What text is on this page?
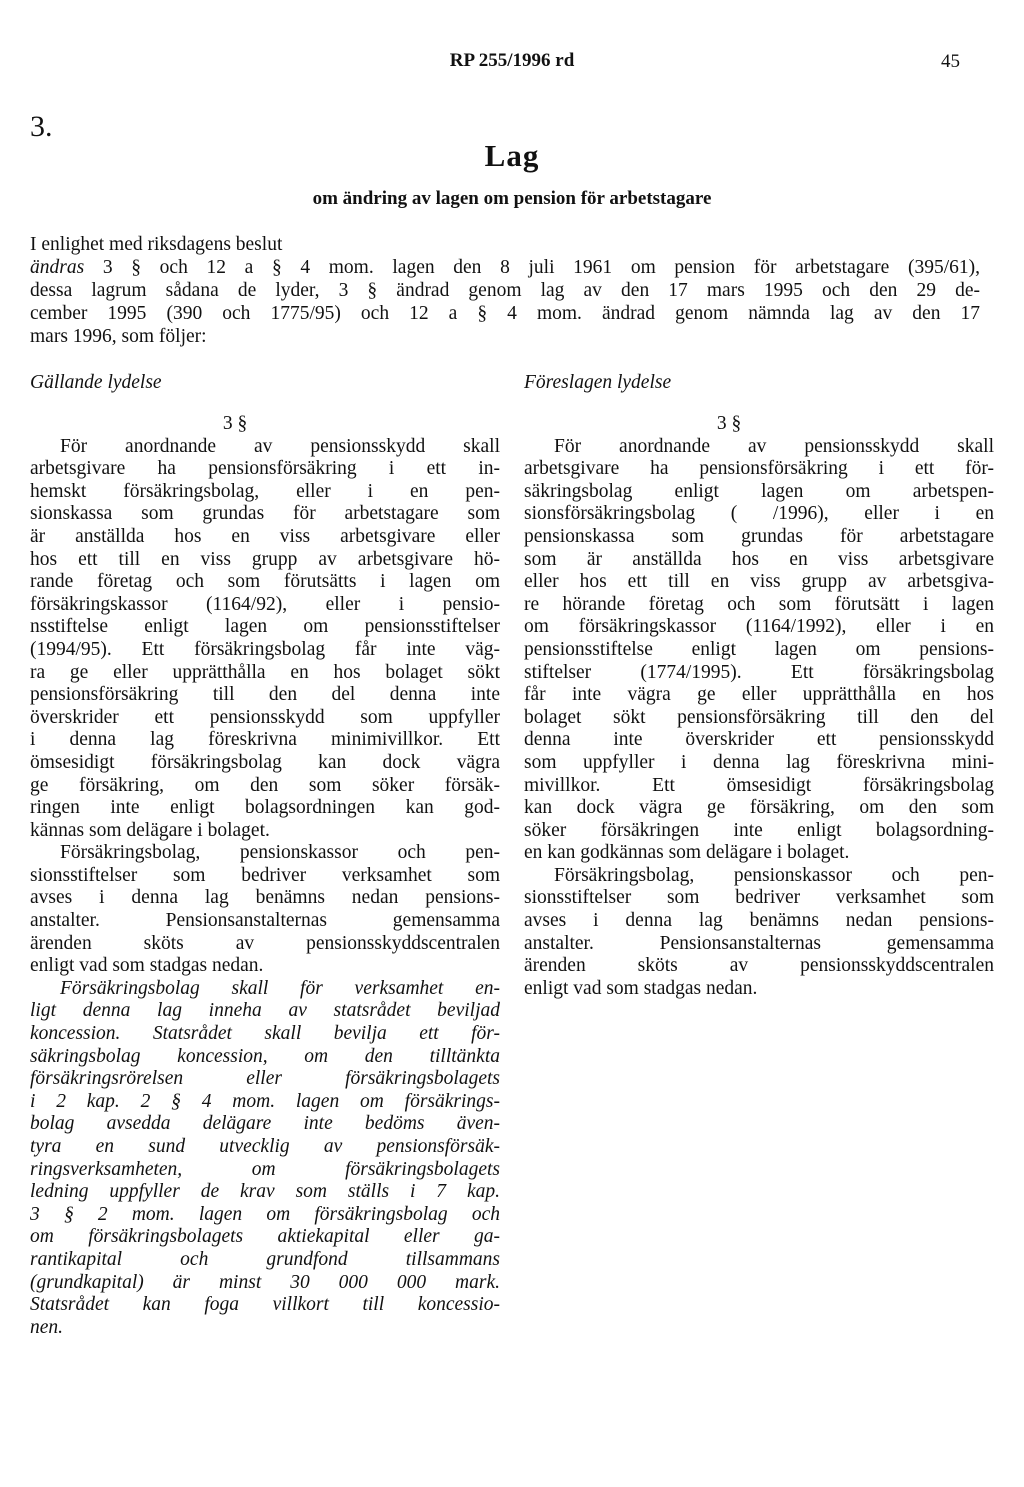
RP 255/1996 rd	45
3.
Lag
om ändring av lagen om pension för arbetstagare
I enlighet med riksdagens beslut
ändras 3 § och 12 a § 4 mom. lagen den 8 juli 1961 om pension för arbetstagare (395/61),
dessa lagrum sådana de lyder, 3 § ändrad genom lag av den 17 mars 1995 och den 29 de-
cember 1995 (390 och 1775/95) och 12 a § 4 mom. ändrad genom nämnda lag av den 17
mars 1996, som följer:
Gällande lydelse	Föreslagen lydelse
3 §
För anordnande av pensionsskydd skall
arbetsgivare ha pensionsförsäkring i ett in-
hemskt försäkringsbolag, eller i en pen-
sionskassa som grundas för arbetstagare som
är anställda hos en viss arbetsgivare eller
hos ett till en viss grupp av arbetsgivare hö-
rande företag och som förutsätts i lagen om
försäkringskassor (1164/92), eller i pensio-
nsstiftelse enligt lagen om pensionsstiftelser
(1994/95). Ett försäkringsbolag får inte väg-
ra ge eller upprätthålla en hos bolaget sökt
pensionsförsäkring till den del denna inte
överskrider ett pensionsskydd som uppfyller
i denna lag föreskrivna minimivillkor. Ett
ömsesidigt försäkringsbolag kan dock vägra
ge försäkring, om den som söker försäk-
ringen inte enligt bolagsordningen kan god-
kännas som delägare i bolaget.
Försäkringsbolag, pensionskassor och pen-
sionsstiftelser som bedriver verksamhet som
avses i denna lag benämns nedan pensions-
anstalter. Pensionsanstalternas gemensamma
ärenden sköts av pensionsskyddscentralen
enligt vad som stadgas nedan.
Försäkringsbolag skall för verksamhet en-
ligt denna lag inneha av statsrådet beviljad
koncession. Statsrådet skall bevilja ett för-
säkringsbolag koncession, om den tilltänkta
försäkringsrörelsen eller försäkringsbolagets
i 2 kap. 2 § 4 mom. lagen om försäkrings-
bolag avsedda delägare inte bedöms även-
tyra en sund utvecklig av pensionsförsäk-
ringsverksamheten, om försäkringsbolagets
ledning uppfyller de krav som ställs i 7 kap.
3 § 2 mom. lagen om försäkringsbolag och
om försäkringsbolagets aktiekapital eller ga-
rantikapital och grundfond tillsammans
(grundkapital) är minst 30 000 000 mark.
Statsrådet kan foga villkort till koncessio-
nen.
3 §
För anordnande av pensionsskydd skall
arbetsgivare ha pensionsförsäkring i ett för-
säkringsbolag enligt lagen om arbetspen-
sionsförsäkringsbolag ( /1996), eller i en
pensionskassa som grundas för arbetstagare
som är anställda hos en viss arbetsgivare
eller hos ett till en viss grupp av arbetsgiva-
re hörande företag och som förutsätt i lagen
om försäkringskassor (1164/1992), eller i en
pensionsstiftelse enligt lagen om pensions-
stiftelser (1774/1995). Ett försäkringsbolag
får inte vägra ge eller upprätthålla en hos
bolaget sökt pensionsförsäkring till den del
denna inte överskrider ett pensionsskydd
som uppfyller i denna lag föreskrivna mini-
mivillkor. Ett ömsesidigt försäkringsbolag
kan dock vägra ge försäkring, om den som
söker försäkringen inte enligt bolagsordning-
en kan godkännas som delägare i bolaget.
Försäkringsbolag, pensionskassor och pen-
sionsstiftelser som bedriver verksamhet som
avses i denna lag benämns nedan pensions-
anstalter. Pensionsanstalternas gemensamma
ärenden sköts av pensionsskyddscentralen
enligt vad som stadgas nedan.
